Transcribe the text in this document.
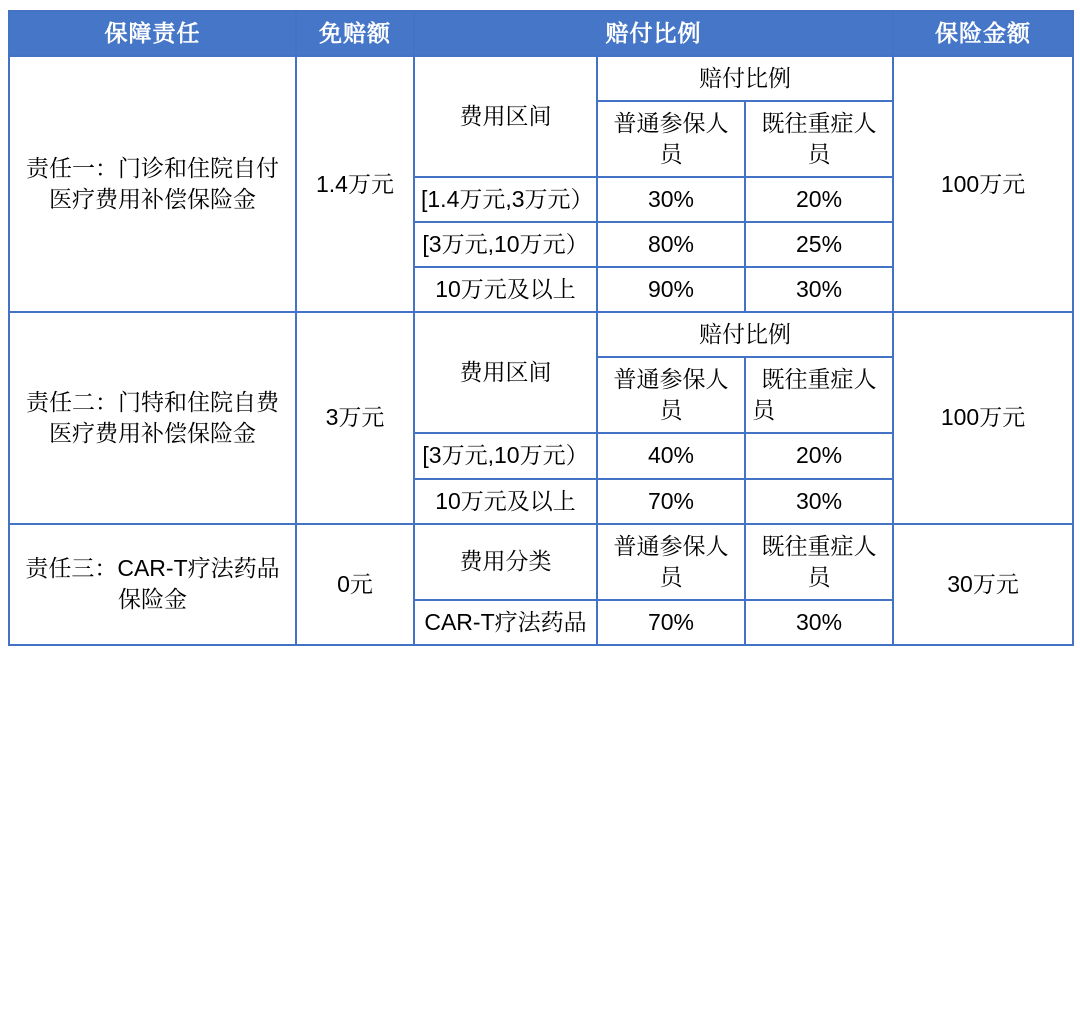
保障责任	免赔额	赔付比例			保险金额
责任一：门诊和住院自付医疗费用补偿保险金	1.4万元	费用区间	赔付比例		100万元
			普通参保人员	既往重症人员	
		[1.4万元,3万元）	30%	20%	
		[3万元,10万元）	80%	25%	
		10万元及以上	90%	30%	
责任二：门特和住院自费医疗费用补偿保险金	3万元	费用区间	赔付比例		100万元
			普通参保人员	既往重症人员	
		[3万元,10万元）	40%	20%	
		10万元及以上	70%	30%	
责任三：CAR-T疗法药品保险金	0元	费用分类	普通参保人员	既往重症人员	30万元
		CAR-T疗法药品	70%	30%	
